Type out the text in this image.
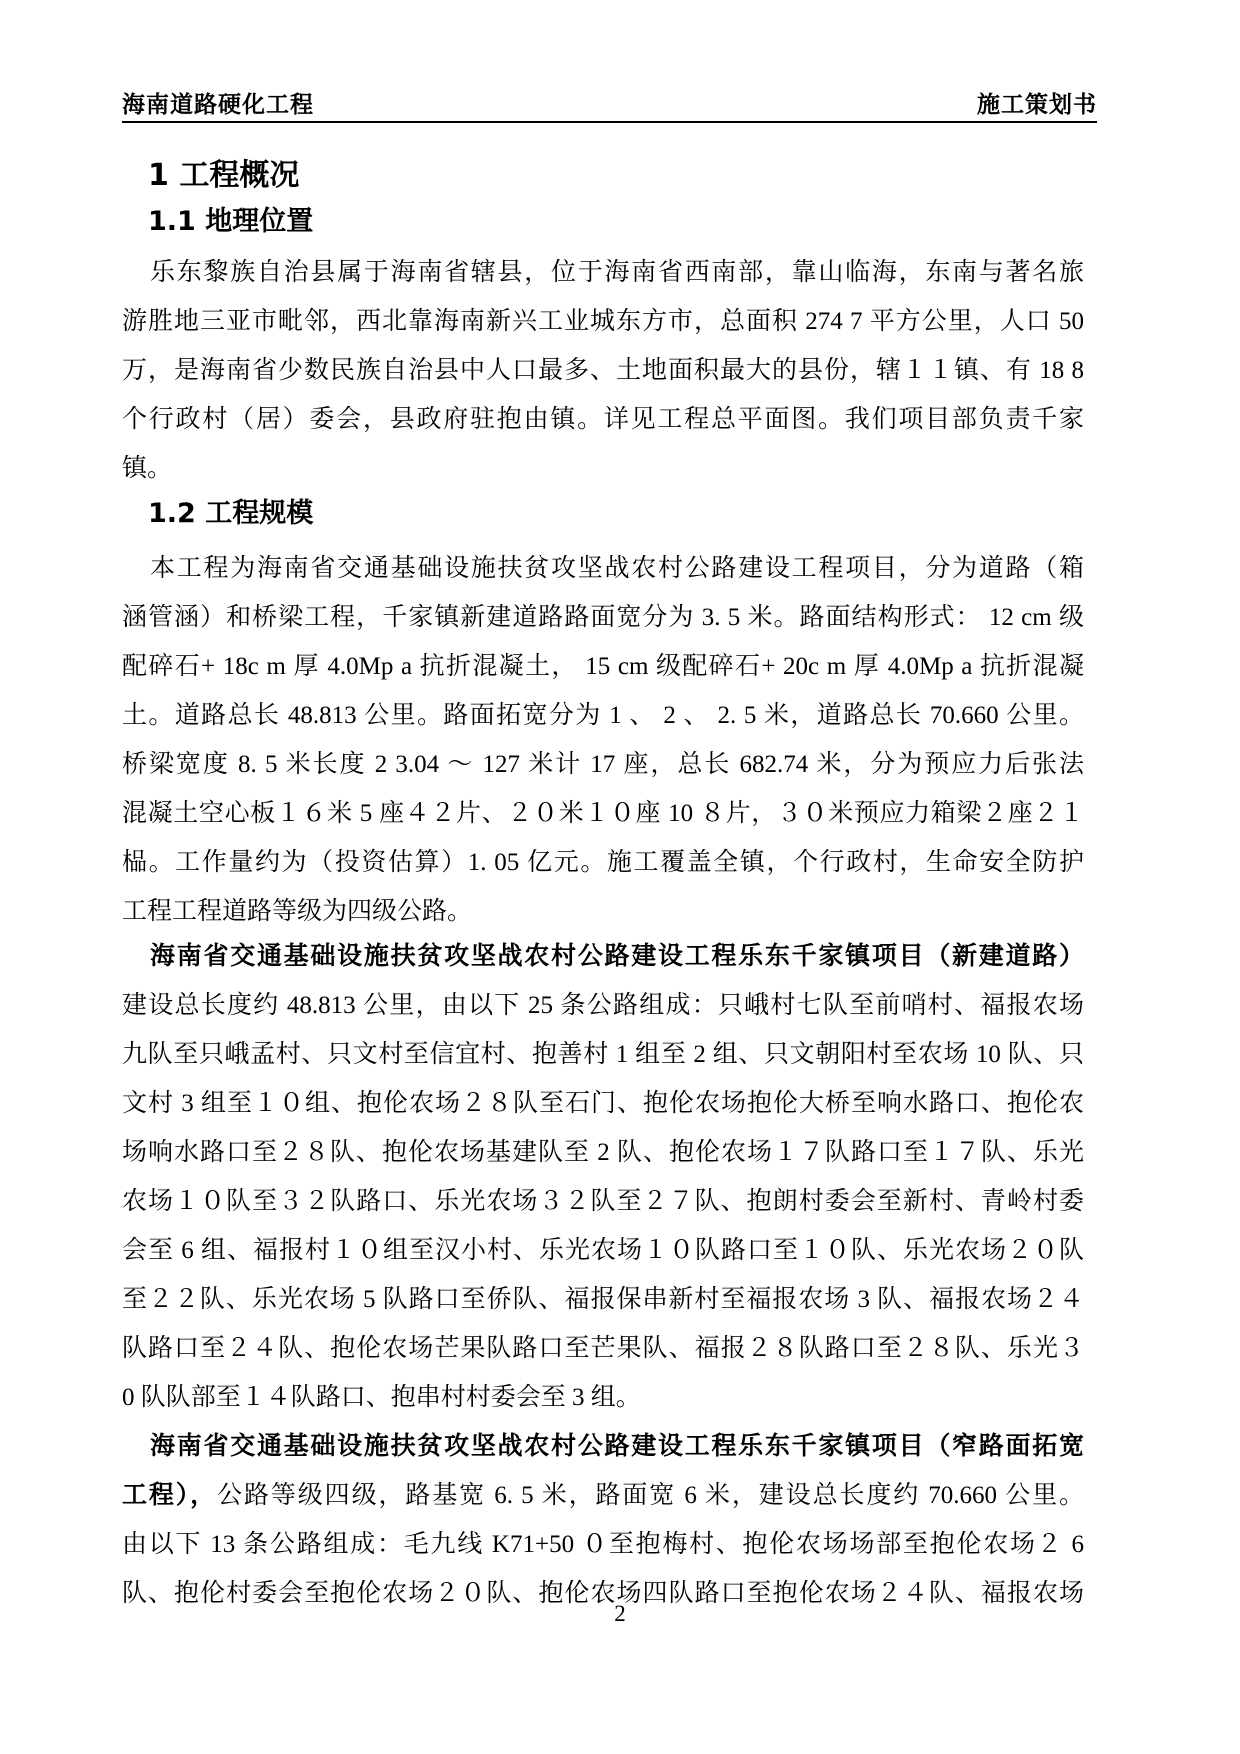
海南道路硬化工程	施工策划书
1 工程概况
1.1 地理位置
乐东黎族自治县属于海南省辖县，位于海南省西南部，靠山临海，东南与著名旅
游胜地三亚市毗邻，西北靠海南新兴工业城东方市，总面积 274 7 平方公里，人口 50
万，是海南省少数民族自治县中人口最多、土地面积最大的县份，辖１１镇、有 18 8
个行政村（居）委会，县政府驻抱由镇。详见工程总平面图。我们项目部负责千家
镇。
1.2 工程规模
本工程为海南省交通基础设施扶贫攻坚战农村公路建设工程项目，分为道路（箱
涵管涵）和桥梁工程，千家镇新建道路路面宽分为 3. 5 米。路面结构形式： 12 cm 级
配碎石+ 18c m 厚 4.0Mp a 抗折混凝土， 15 cm 级配碎石+ 20c m 厚 4.0Mp a 抗折混凝
土。道路总长 48.813 公里。路面拓宽分为 1 、 2 、 2. 5 米，道路总长 70.660 公里。
桥梁宽度 8. 5 米长度 2 3.04 ～ 127 米计 17 座，总长 682.74 米，分为预应力后张法
混凝土空心板１６米 5 座４２片、２０米１０座 10 ８片，３０米预应力箱梁２座２１
榀。工作量约为（投资估算）1. 05 亿元。施工覆盖全镇，个行政村，生命安全防护
工程工程道路等级为四级公路。
海南省交通基础设施扶贫攻坚战农村公路建设工程乐东千家镇项目（新建道路）
建设总长度约 48.813 公里，由以下 25 条公路组成：只峨村七队至前哨村、福报农场
九队至只峨孟村、只文村至信宜村、抱善村 1 组至 2 组、只文朝阳村至农场 10 队、只
文村 3 组至１０组、抱伦农场２８队至石门、抱伦农场抱伦大桥至响水路口、抱伦农
场响水路口至２８队、抱伦农场基建队至 2 队、抱伦农场１７队路口至１７队、乐光
农场１０队至３２队路口、乐光农场３２队至２７队、抱朗村委会至新村、青岭村委
会至 6 组、福报村１０组至汉小村、乐光农场１０队路口至１０队、乐光农场２０队
至２２队、乐光农场 5 队路口至侨队、福报保串新村至福报农场 3 队、福报农场２４
队路口至２４队、抱伦农场芒果队路口至芒果队、福报２８队路口至２８队、乐光３
0 队队部至１４队路口、抱串村村委会至 3 组。
海南省交通基础设施扶贫攻坚战农村公路建设工程乐东千家镇项目（窄路面拓宽
工程），公路等级四级，路基宽 6. 5 米，路面宽 6 米，建设总长度约 70.660 公里。
由以下 13 条公路组成：毛九线 K71+50 ０至抱梅村、抱伦农场场部至抱伦农场２ 6
队、抱伦村委会至抱伦农场２０队、抱伦农场四队路口至抱伦农场２４队、福报农场
2
